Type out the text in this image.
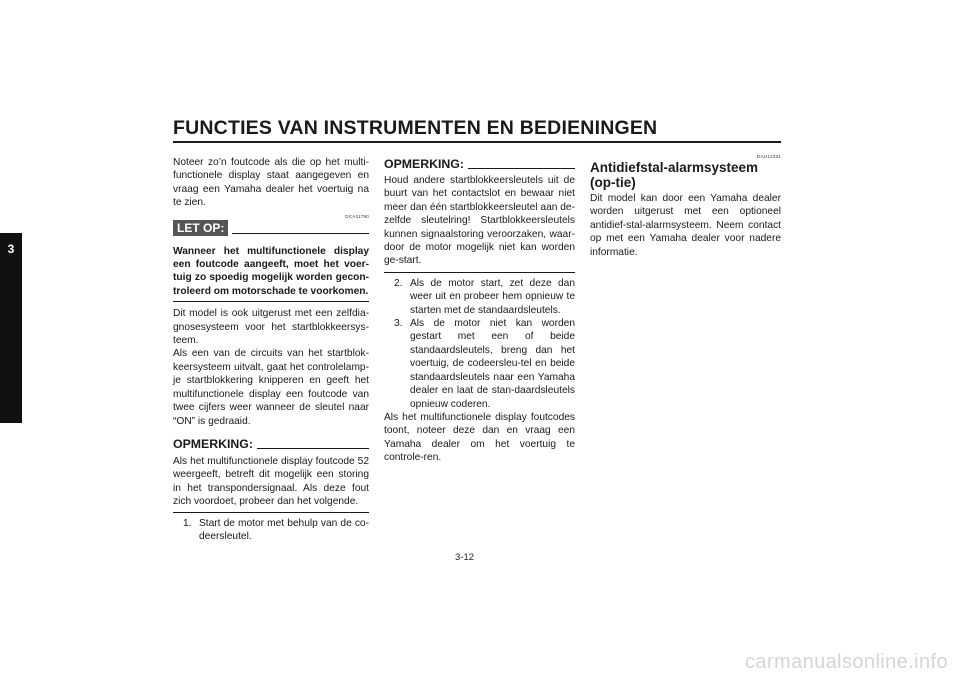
FUNCTIES VAN INSTRUMENTEN EN BEDIENINGEN
3

Noteer zo’n foutcode als die op het multi-functionele display staat aangegeven en vraag een Yamaha dealer het voertuig na te zien.

DCA11790

LET OP:

Wanneer het multifunctionele display een foutcode aangeeft, moet het voer-tuig zo spoedig mogelijk worden gecon-troleerd om motorschade te voorkomen.

Dit model is ook uitgerust met een zelfdia-gnosesysteem voor het startblokkeersys-teem.

Als een van de circuits van het startblok-keersysteem uitvalt, gaat het controlelamp-je startblokkering knipperen en geeft het multifunctionele display een foutcode van twee cijfers weer wanneer de sleutel naar “ON” is gedraaid.

OPMERKING:

Als het multifunctionele display foutcode 52 weergeeft, betreft dit mogelijk een storing in het transpondersignaal. Als deze fout zich voordoet, probeer dan het volgende.

1. Start de motor met behulp van de co-deersleutel.
OPMERKING:

Houd andere startblokkeersleutels uit de buurt van het contactslot en bewaar niet meer dan één startblokkeersleutel aan de-zelfde sleutelring! Startblokkeersleutels kunnen signaalstoring veroorzaken, waar-door de motor mogelijk niet kan worden ge-start.

2. Als de motor start, zet deze dan weer uit en probeer hem opnieuw te starten met de standaardsleutels.
3. Als de motor niet kan worden gestart met een of beide standaardsleutels, breng dan het voertuig, de codeersleu-tel en beide standaardsleutels naar een Yamaha dealer en laat de stan-daardsleutels opnieuw coderen.

Als het multifunctionele display foutcodes toont, noteer deze dan en vraag een Yamaha dealer om het voertuig te controle-ren.

DAU12331

Antidiefstal-alarmsysteem (op-tie)

Dit model kan door een Yamaha dealer worden uitgerust met een optioneel antidief-stal-alarmsysteem. Neem contact op met een Yamaha dealer voor nadere informatie.

3-12
carmanualsonline.info
